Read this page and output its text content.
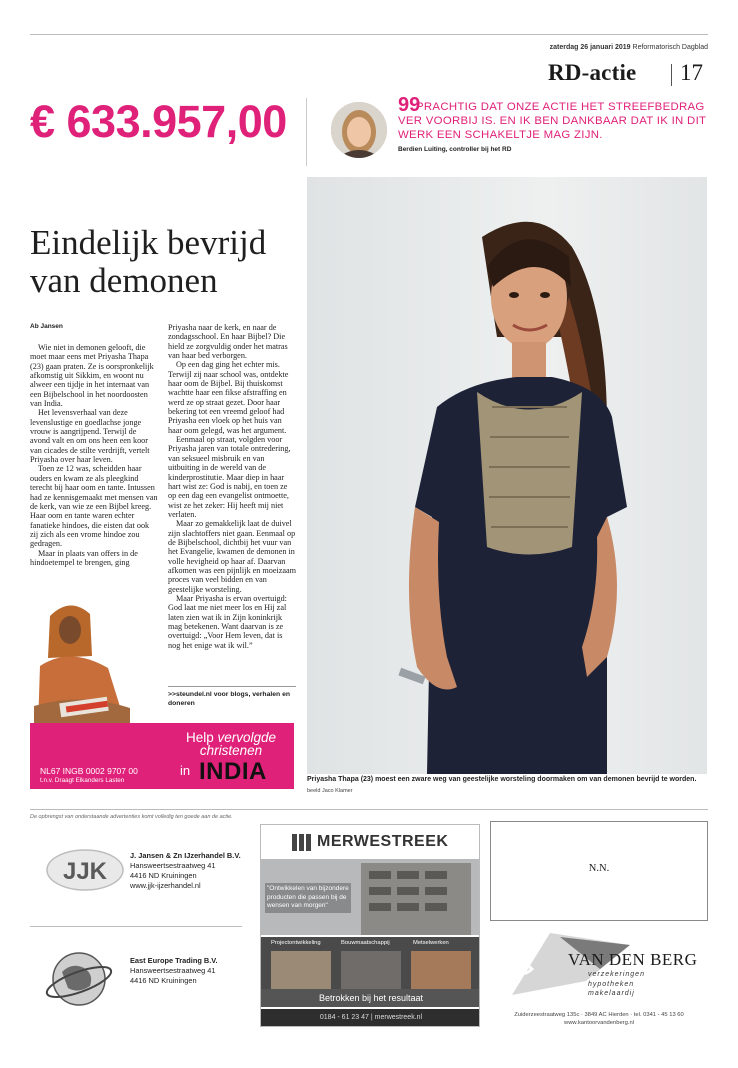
zaterdag 26 januari 2019 Reformatorisch Dagblad
RD-actie 17
€ 633.957,00	99
PRACHTIG DAT ONZE ACTIE HET STREEFBEDRAG VER VOORBIJ IS. EN IK BEN DANKBAAR DAT IK IN DIT WERK EEN SCHAKELTJE MAG ZIJN.
Berdien Luiting, controller bij het RD
Eindelijk bevrijd van demonen
Ab Jansen

Wie niet in demonen gelooft, die moet maar eens met Priyasha Thapa (23) gaan praten. Ze is oorspronkelijk afkomstig uit Sikkim, en woont nu alweer een tijdje in het internaat van een Bijbelschool in het noordoosten van India.

Het levensverhaal van deze levenslustige en goedlachse jonge vrouw is aangrijpend. Terwijl de avond valt en om ons heen een koor van cicades de stilte verdrijft, vertelt Priyasha over haar leven.

Toen ze 12 was, scheidden haar ouders en kwam ze als pleegkind terecht bij haar oom en tante. Intussen had ze kennisgemaakt met mensen van de kerk, van wie ze een Bijbel kreeg. Haar oom en tante waren echter fanatieke hindoes, die eisten dat ook zij zich als een vrome hindoe zou gedragen.

Maar in plaats van offers in de hindoetempel te brengen, ging

Priyasha naar de kerk, en naar de zondagsschool. En haar Bijbel? Die hield ze zorgvuldig onder het matras van haar bed verborgen.

Op een dag ging het echter mis. Terwijl zij naar school was, ontdekte haar oom de Bijbel. Bij thuiskomst wachtte haar een fikse afstraffing en werd ze op straat gezet. Door haar bekering tot een vreemd geloof had Priyasha een vloek op het huis van haar oom gelegd, was het argument.

Eenmaal op straat, volgden voor Priyasha jaren van totale ontredering, van seksueel misbruik en van uitbuiting in de wereld van de kinderprostitutie. Maar diep in haar hart wist ze: God is nabij, en toen ze op een dag een evangelist ontmoette, wist ze het zeker: Hij heeft mij niet verlaten.

Maar zo gemakkelijk laat de duivel zijn slachtoffers niet gaan. Eenmaal op de Bijbelschool, dichtbij het vuur van het Evangelie, kwamen de demonen in volle hevigheid op haar af. Daarvan afkomen was een pijnlijk en moeizaam proces van veel bidden en van geestelijke worsteling.

Maar Priyasha is ervan overtuigd: God laat me niet meer los en Hij zal laten zien wat ik in Zijn koninkrijk mag betekenen. Want daarvan is ze overtuigd: „Voor Hem leven, dat is nog het enige wat ik wil.”

>>steundel.nl voor blogs, verhalen en doneren
Help vervolgde christenen
in INDIA
NL67 INGB 0002 9707 00
t.n.v. Draagt Elkanders Lasten	Priyasha Thapa (23) moest een zware weg van geestelijke worsteling doormaken om van demonen bevrijd te worden.
beeld Jaco Klamer
De opbrengst van onderstaande advertenties komt volledig ten goede aan de actie.
JJK
J. Jansen & Zn IJzerhandel B.V.
Hansweertsestraatweg 41
4416 ND Kruiningen
www.jjk-ijzerhandel.nl
East Europe Trading B.V.
Hansweertsestraatweg 41
4416 ND Kruiningen
MERWESTREEK
"Ontwikkelen van bijzondere producten die passen bij de wensen van morgen"
Projectontwikkeling	Bouwmaatschappij	Metselwerken
Betrokken bij het resultaat
0184 - 61 23 47 | merwestreek.nl
N.N.
VAN DEN BERG
verzekeringen
hypotheken
makelaardij
Zuiderzeestraatweg 135c · 3849 AC Hierden · tel. 0341 - 45 13 60
www.kantoorvandenberg.nl
